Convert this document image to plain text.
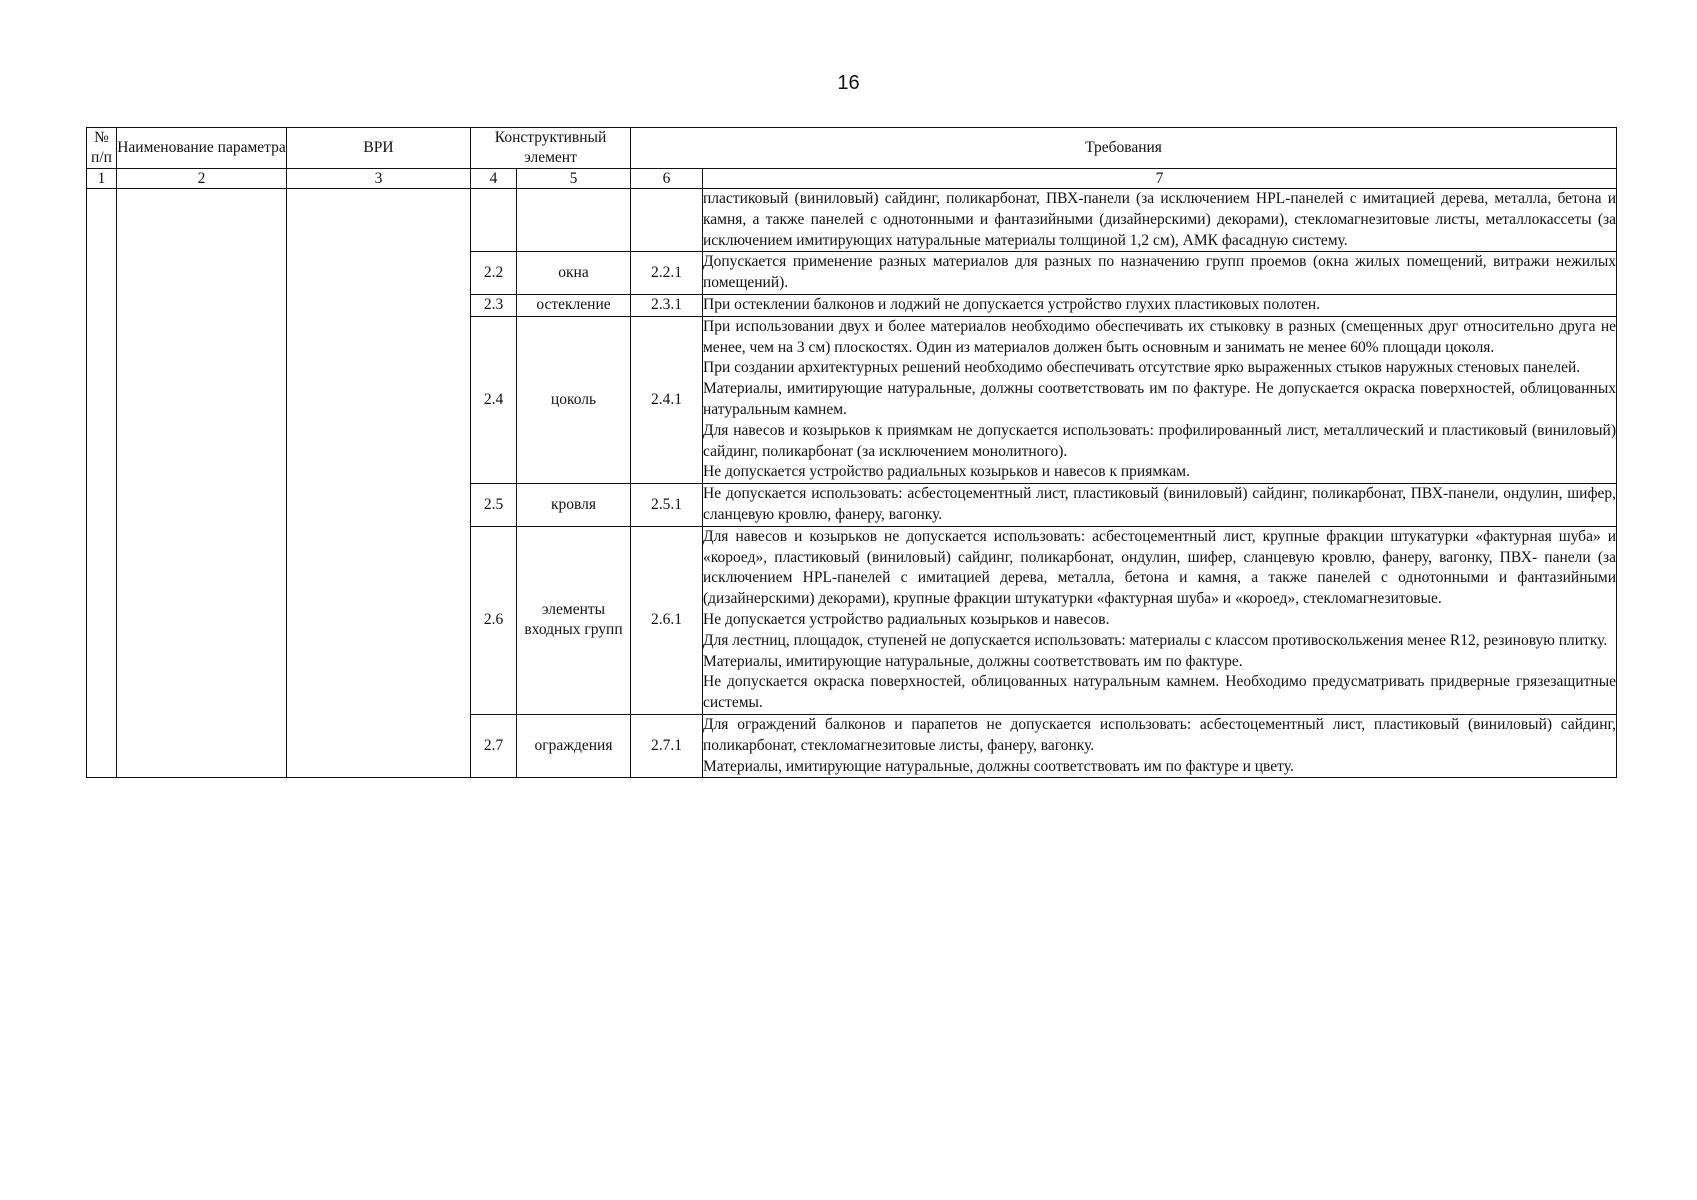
16
№ п/п	Наименование параметра	ВРИ	Конструктивный элемент		Требования	
1	2	3	4	5	6	7

						пластиковый (виниловый) сайдинг, поликарбонат, ПВХ-панели (за исключением HPL-панелей с имитацией дерева, металла, бетона и камня, а также панелей с однотонными и фантазийными (дизайнерскими) декорами), стекломагнезитовые листы, металлокассеты (за исключением имитирующих натуральные материалы толщиной 1,2 см), АМК фасадную систему.

			2.2	окна	2.2.1	Допускается применение разных материалов для разных по назначению групп проемов (окна жилых помещений, витражи нежилых помещений).

			2.3	остекление	2.3.1	При остеклении балконов и лоджий не допускается устройство глухих пластиковых полотен.

			2.4	цоколь	2.4.1	При использовании двух и более материалов необходимо обеспечивать их стыковку в разных (смещенных друг относительно друга не менее, чем на 3 см) плоскостях. Один из материалов должен быть основным и занимать не менее 60% площади цоколя.

При создании архитектурных решений необходимо обеспечивать отсутствие ярко выраженных стыков наружных стеновых панелей.

Материалы, имитирующие натуральные, должны соответствовать им по фактуре. Не допускается окраска поверхностей, облицованных натуральным камнем.

Для навесов и козырьков к приямкам не допускается использовать: профилированный лист, металлический и пластиковый (виниловый) сайдинг, поликарбонат (за исключением монолитного).

Не допускается устройство радиальных козырьков и навесов к приямкам.

			2.5	кровля	2.5.1	Не допускается использовать: асбестоцементный лист, пластиковый (виниловый) сайдинг, поликарбонат, ПВХ-панели, ондулин, шифер, сланцевую кровлю, фанеру, вагонку.

			2.6	элементы входных групп	2.6.1	Для навесов и козырьков не допускается использовать: асбестоцементный лист, крупные фракции штукатурки «фактурная шуба» и «короед», пластиковый (виниловый) сайдинг, поликарбонат, ондулин, шифер, сланцевую кровлю, фанеру, вагонку, ПВХ- панели (за исключением HPL-панелей с имитацией дерева, металла, бетона и камня, а также панелей с однотонными и фантазийными (дизайнерскими) декорами), крупные фракции штукатурки «фактурная шуба» и «короед», стекломагнезитовые.

Не допускается устройство радиальных козырьков и навесов.

Для лестниц, площадок, ступеней не допускается использовать: материалы с классом противоскольжения менее R12, резиновую плитку.

Материалы, имитирующие натуральные, должны соответствовать им по фактуре.

Не допускается окраска поверхностей, облицованных натуральным камнем. Необходимо предусматривать придверные грязезащитные системы.

			2.7	ограждения	2.7.1	Для ограждений балконов и парапетов не допускается использовать: асбестоцементный лист, пластиковый (виниловый) сайдинг, поликарбонат, стекломагнезитовые листы, фанеру, вагонку.

Материалы, имитирующие натуральные, должны соответствовать им по фактуре и цвету.
